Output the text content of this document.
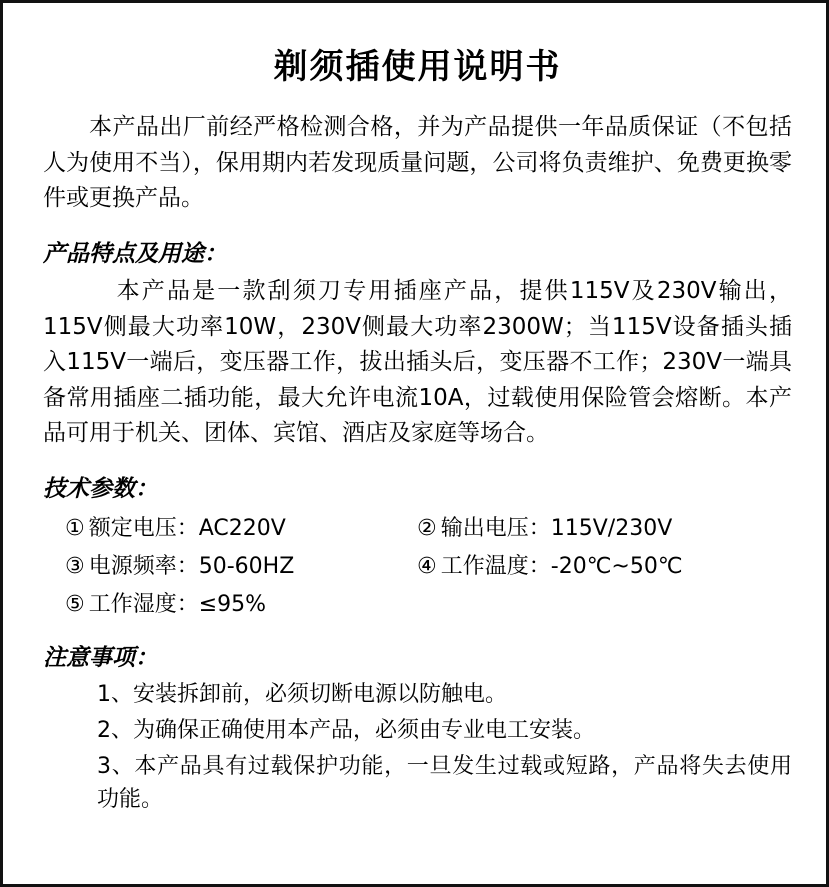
剃须插使用说明书

本产品出厂前经严格检测合格，并为产品提供一年品质保证（不包括人为使用不当），保用期内若发现质量问题，公司将负责维护、免费更换零件或更换产品。

产品特点及用途：

本产品是一款刮须刀专用插座产品，提供115V及230V输出，115V侧最大功率10W，230V侧最大功率2300W；当115V设备插头插入115V一端后，变压器工作，拔出插头后，变压器不工作；230V一端具备常用插座二插功能，最大允许电流10A，过载使用保险管会熔断。本产品可用于机关、团体、宾馆、酒店及家庭等场合。

技术参数：
① 额定电压：AC220V	② 输出电压：115V/230V
③ 电源频率：50-60HZ	④ 工作温度：-20℃~50℃
⑤ 工作湿度：≤95%	
注意事项：
1、安装拆卸前，必须切断电源以防触电。
2、为确保正确使用本产品，必须由专业电工安装。
3、本产品具有过载保护功能，一旦发生过载或短路，产品将失去使用功能。
